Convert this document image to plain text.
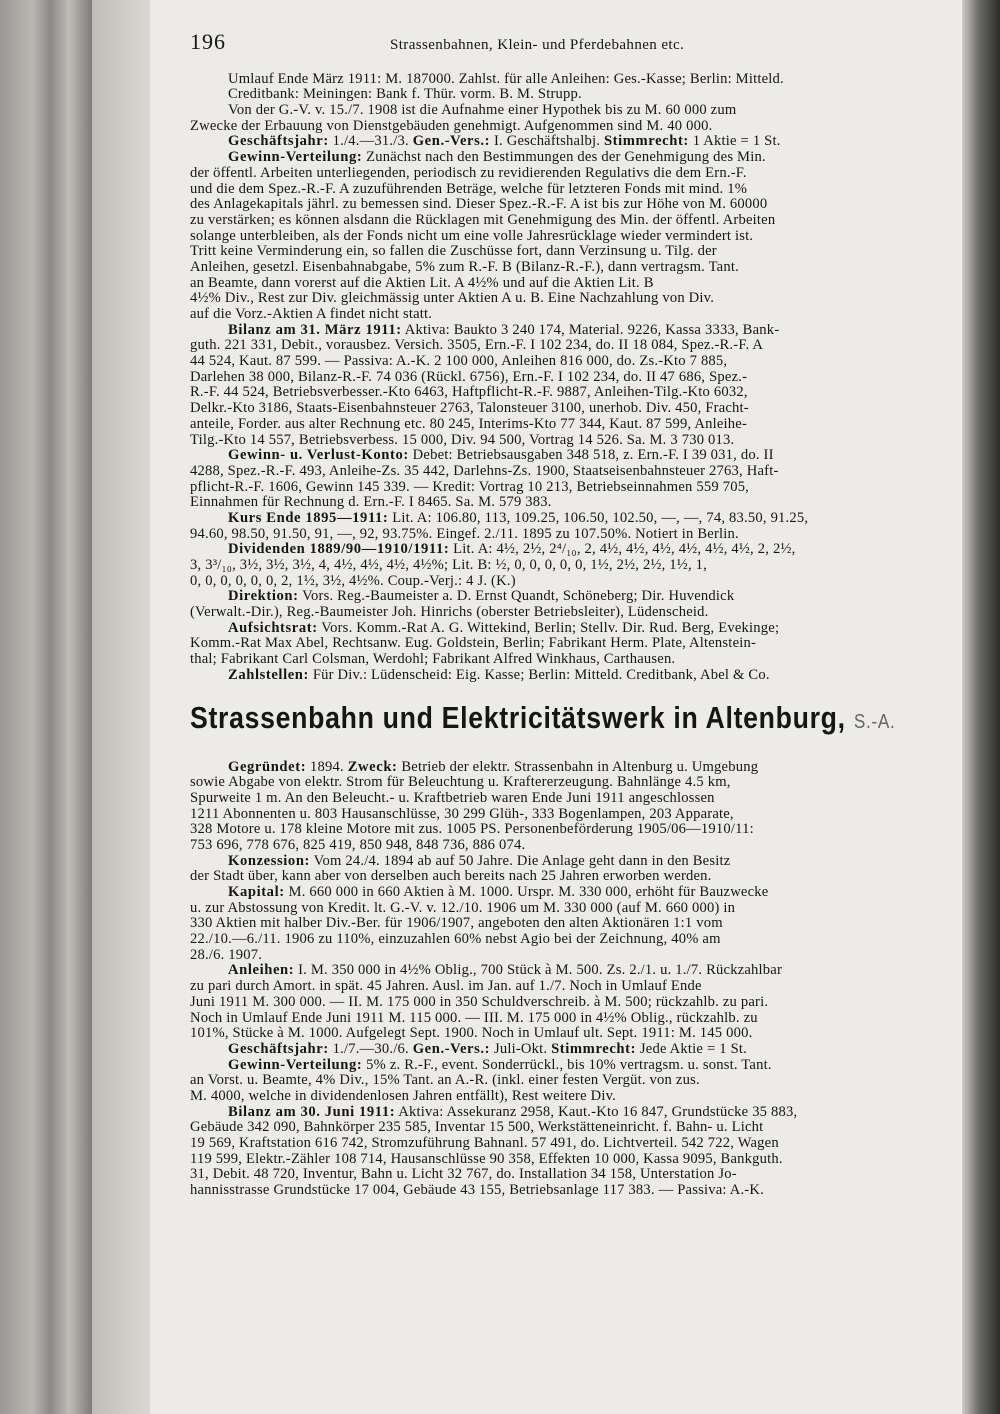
196	Strassenbahnen, Klein- und Pferdebahnen etc.
Umlauf Ende März 1911: M. 187000. Zahlst. für alle Anleihen: Ges.-Kasse; Berlin: Mitteld.
Creditbank: Meiningen: Bank f. Thür. vorm. B. M. Strupp.
Von der G.-V. v. 15./7. 1908 ist die Aufnahme einer Hypothek bis zu M. 60 000 zum
Zwecke der Erbauung von Dienstgebäuden genehmigt. Aufgenommen sind M. 40 000.
Geschäftsjahr: 1./4.—31./3. Gen.-Vers.: I. Geschäftshalbj. Stimmrecht: 1 Aktie = 1 St.
Gewinn-Verteilung: Zunächst nach den Bestimmungen des der Genehmigung des Min.
der öffentl. Arbeiten unterliegenden, periodisch zu revidierenden Regulativs die dem Ern.-F.
und die dem Spez.-R.-F. A zuzuführenden Beträge, welche für letzteren Fonds mit mind. 1%
des Anlagekapitals jährl. zu bemessen sind. Dieser Spez.-R.-F. A ist bis zur Höhe von M. 60000
zu verstärken; es können alsdann die Rücklagen mit Genehmigung des Min. der öffentl. Arbeiten
solange unterbleiben, als der Fonds nicht um eine volle Jahresrücklage wieder vermindert ist.
Tritt keine Verminderung ein, so fallen die Zuschüsse fort, dann Verzinsung u. Tilg. der
Anleihen, gesetzl. Eisenbahnabgabe, 5% zum R.-F. B (Bilanz-R.-F.), dann vertragsm. Tant.
an Beamte, dann vorerst auf die Aktien Lit. A 4½% und auf die Aktien Lit. B
4½% Div., Rest zur Div. gleichmässig unter Aktien A u. B. Eine Nachzahlung von Div.
auf die Vorz.-Aktien A findet nicht statt.
Bilanz am 31. März 1911: Aktiva: Baukto 3 240 174, Material. 9226, Kassa 3333, Bank-
guth. 221 331, Debit., vorausbez. Versich. 3505, Ern.-F. I 102 234, do. II 18 084, Spez.-R.-F. A
44 524, Kaut. 87 599. — Passiva: A.-K. 2 100 000, Anleihen 816 000, do. Zs.-Kto 7 885,
Darlehen 38 000, Bilanz-R.-F. 74 036 (Rückl. 6756), Ern.-F. I 102 234, do. II 47 686, Spez.-
R.-F. 44 524, Betriebsverbesser.-Kto 6463, Haftpflicht-R.-F. 9887, Anleihen-Tilg.-Kto 6032,
Delkr.-Kto 3186, Staats-Eisenbahnsteuer 2763, Talonsteuer 3100, unerhob. Div. 450, Fracht-
anteile, Forder. aus alter Rechnung etc. 80 245, Interims-Kto 77 344, Kaut. 87 599, Anleihe-
Tilg.-Kto 14 557, Betriebsverbess. 15 000, Div. 94 500, Vortrag 14 526. Sa. M. 3 730 013.
Gewinn- u. Verlust-Konto: Debet: Betriebsausgaben 348 518, z. Ern.-F. I 39 031, do. II
4288, Spez.-R.-F. 493, Anleihe-Zs. 35 442, Darlehns-Zs. 1900, Staatseisenbahnsteuer 2763, Haft-
pflicht-R.-F. 1606, Gewinn 145 339. — Kredit: Vortrag 10 213, Betriebseinnahmen 559 705,
Einnahmen für Rechnung d. Ern.-F. I 8465. Sa. M. 579 383.
Kurs Ende 1895—1911: Lit. A: 106.80, 113, 109.25, 106.50, 102.50, —, —, 74, 83.50, 91.25,
94.60, 98.50, 91.50, 91, —, 92, 93.75%. Eingef. 2./11. 1895 zu 107.50%. Notiert in Berlin.
Dividenden 1889/90—1910/1911: Lit. A: 4½, 2½, 2⁴/₁₀, 2, 4½, 4½, 4½, 4½, 4½, 4½, 2, 2½,
3, 3³/₁₀, 3½, 3½, 3½, 4, 4½, 4½, 4½, 4½%; Lit. B: ½, 0, 0, 0, 0, 0, 1½, 2½, 2½, 1½, 1,
0, 0, 0, 0, 0, 0, 2, 1½, 3½, 4½%. Coup.-Verj.: 4 J. (K.)
Direktion: Vors. Reg.-Baumeister a. D. Ernst Quandt, Schöneberg; Dir. Huvendick
(Verwalt.-Dir.), Reg.-Baumeister Joh. Hinrichs (oberster Betriebsleiter), Lüdenscheid.
Aufsichtsrat: Vors. Komm.-Rat A. G. Wittekind, Berlin; Stellv. Dir. Rud. Berg, Evekinge;
Komm.-Rat Max Abel, Rechtsanw. Eug. Goldstein, Berlin; Fabrikant Herm. Plate, Altenstein-
thal; Fabrikant Carl Colsman, Werdohl; Fabrikant Alfred Winkhaus, Carthausen.
Zahlstellen: Für Div.: Lüdenscheid: Eig. Kasse; Berlin: Mitteld. Creditbank, Abel & Co.
Strassenbahn und Elektricitätswerk in Altenburg, S.-A.
Gegründet: 1894. Zweck: Betrieb der elektr. Strassenbahn in Altenburg u. Umgebung
sowie Abgabe von elektr. Strom für Beleuchtung u. Kraftererzeugung. Bahnlänge 4.5 km,
Spurweite 1 m. An den Beleucht.- u. Kraftbetrieb waren Ende Juni 1911 angeschlossen
1211 Abonnenten u. 803 Hausanschlüsse, 30 299 Glüh-, 333 Bogenlampen, 203 Apparate,
328 Motore u. 178 kleine Motore mit zus. 1005 PS. Personenbeförderung 1905/06—1910/11:
753 696, 778 676, 825 419, 850 948, 848 736, 886 074.
Konzession: Vom 24./4. 1894 ab auf 50 Jahre. Die Anlage geht dann in den Besitz
der Stadt über, kann aber von derselben auch bereits nach 25 Jahren erworben werden.
Kapital: M. 660 000 in 660 Aktien à M. 1000. Urspr. M. 330 000, erhöht für Bauzwecke
u. zur Abstossung von Kredit. lt. G.-V. v. 12./10. 1906 um M. 330 000 (auf M. 660 000) in
330 Aktien mit halber Div.-Ber. für 1906/1907, angeboten den alten Aktionären 1:1 vom
22./10.—6./11. 1906 zu 110%, einzuzahlen 60% nebst Agio bei der Zeichnung, 40% am
28./6. 1907.
Anleihen: I. M. 350 000 in 4½% Oblig., 700 Stück à M. 500. Zs. 2./1. u. 1./7. Rückzahlbar
zu pari durch Amort. in spät. 45 Jahren. Ausl. im Jan. auf 1./7. Noch in Umlauf Ende
Juni 1911 M. 300 000. — II. M. 175 000 in 350 Schuldverschreib. à M. 500; rückzahlb. zu pari.
Noch in Umlauf Ende Juni 1911 M. 115 000. — III. M. 175 000 in 4½% Oblig., rückzahlb. zu
101%, Stücke à M. 1000. Aufgelegt Sept. 1900. Noch in Umlauf ult. Sept. 1911: M. 145 000.
Geschäftsjahr: 1./7.—30./6. Gen.-Vers.: Juli-Okt. Stimmrecht: Jede Aktie = 1 St.
Gewinn-Verteilung: 5% z. R.-F., event. Sonderrückl., bis 10% vertragsm. u. sonst. Tant.
an Vorst. u. Beamte, 4% Div., 15% Tant. an A.-R. (inkl. einer festen Vergüt. von zus.
M. 4000, welche in dividendenlosen Jahren entfällt), Rest weitere Div.
Bilanz am 30. Juni 1911: Aktiva: Assekuranz 2958, Kaut.-Kto 16 847, Grundstücke 35 883,
Gebäude 342 090, Bahnkörper 235 585, Inventar 15 500, Werkstätteneinricht. f. Bahn- u. Licht
19 569, Kraftstation 616 742, Stromzuführung Bahnanl. 57 491, do. Lichtverteil. 542 722, Wagen
119 599, Elektr.-Zähler 108 714, Hausanschlüsse 90 358, Effekten 10 000, Kassa 9095, Bankguth.
31, Debit. 48 720, Inventur, Bahn u. Licht 32 767, do. Installation 34 158, Unterstation Jo-
hannisstrasse Grundstücke 17 004, Gebäude 43 155, Betriebsanlage 117 383. — Passiva: A.-K.
